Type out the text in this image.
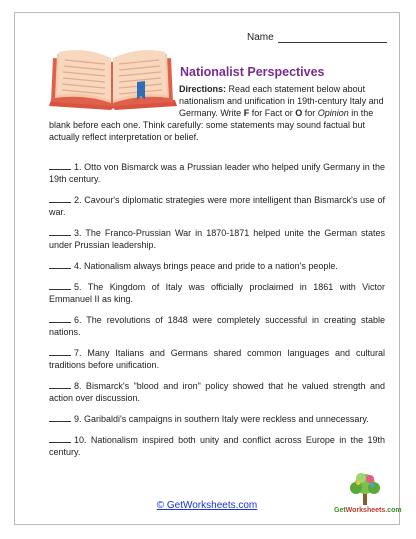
Name
Nationalist Perspectives

Directions: Read each statement below about nationalism and unification in 19th-century Italy and Germany. Write F for Fact or O for Opinion in the blank before each one. Think carefully: some statements may sound factual but actually reflect interpretation or belief.

1. Otto von Bismarck was a Prussian leader who helped unify Germany in the 19th century.
2. Cavour's diplomatic strategies were more intelligent than Bismarck's use of war.
3. The Franco-Prussian War in 1870-1871 helped unite the German states under Prussian leadership.
4. Nationalism always brings peace and pride to a nation's people.
5. The Kingdom of Italy was officially proclaimed in 1861 with Victor Emmanuel II as king.
6. The revolutions of 1848 were completely successful in creating stable nations.
7. Many Italians and Germans shared common languages and cultural traditions before unification.
8. Bismarck's "blood and iron" policy showed that he valued strength and action over discussion.
9. Garibaldi's campaigns in southern Italy were reckless and unnecessary.
10. Nationalism inspired both unity and conflict across Europe in the 19th century.
© GetWorksheets.com	GetWorksheets.com
